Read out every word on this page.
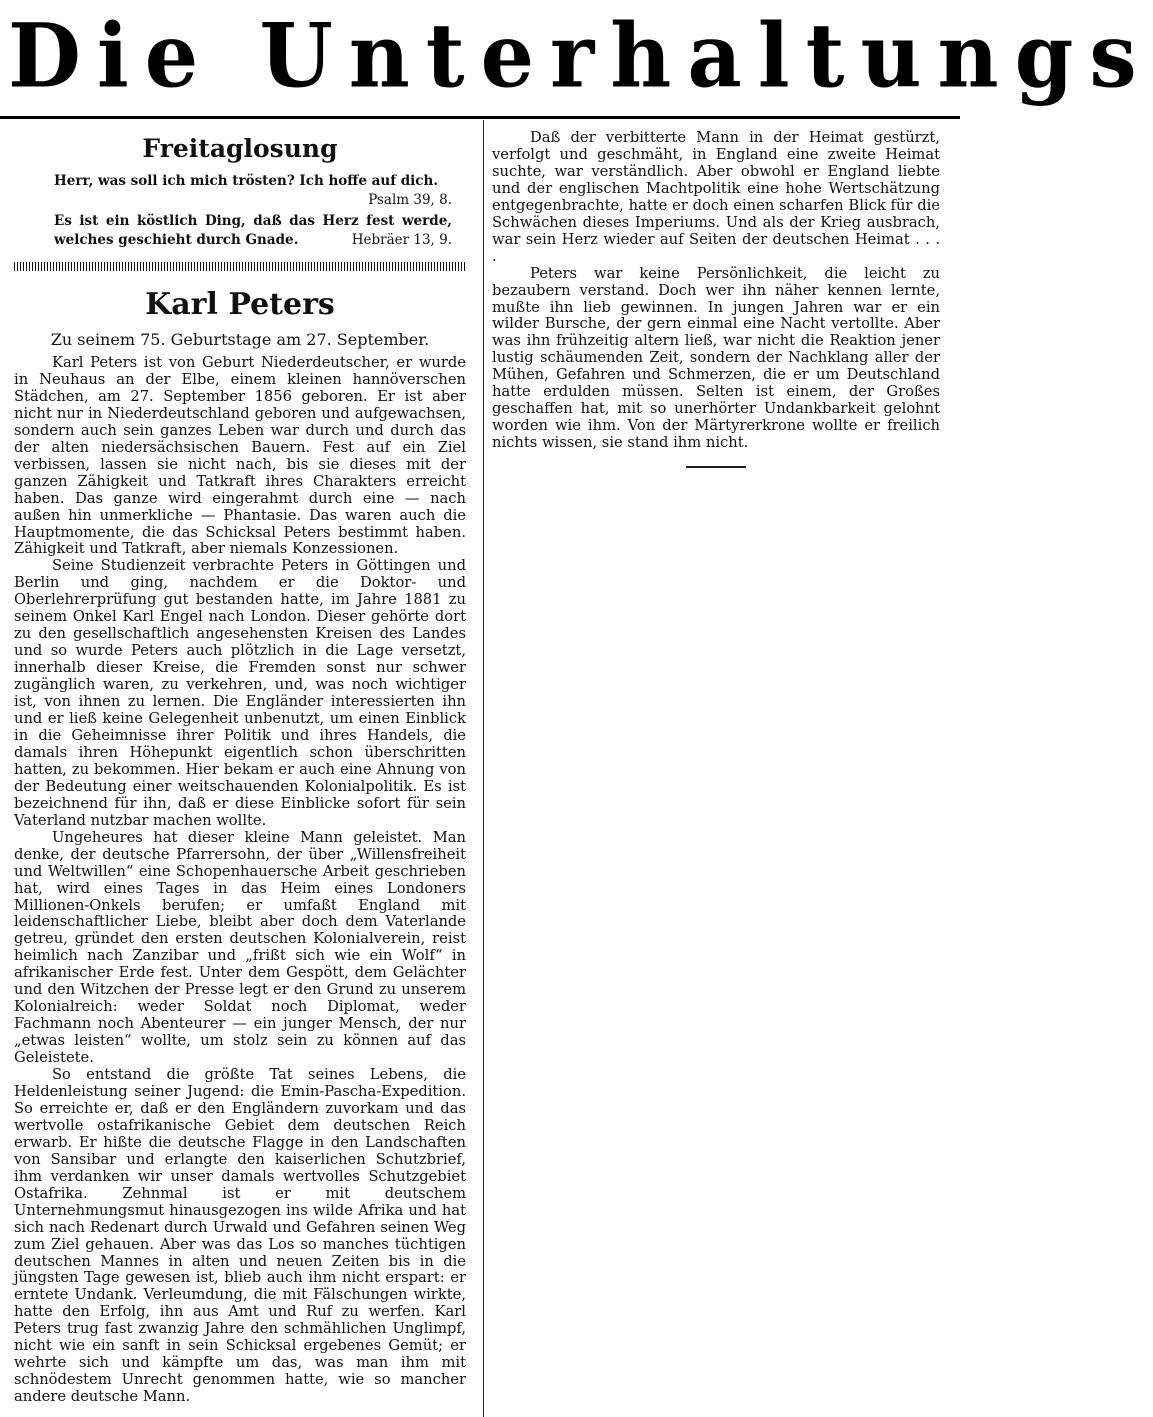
Die Unterhaltungs
Freitaglosung
Herr, was soll ich mich trösten? Ich hoffe auf dich.
Psalm 39, 8.
Es ist ein köstlich Ding, daß das Herz fest werde, welches geschieht durch Gnade.	Hebräer 13, 9.
Karl Peters
Zu seinem 75. Geburtstage am 27. September.

Karl Peters ist von Geburt Niederdeutscher, er wurde in Neuhaus an der Elbe, einem kleinen hannöverschen Städchen, am 27. September 1856 geboren. Er ist aber nicht nur in Niederdeutschland geboren und aufgewachsen, sondern auch sein ganzes Leben war durch und durch das der alten niedersächsischen Bauern. Fest auf ein Ziel verbissen, lassen sie nicht nach, bis sie dieses mit der ganzen Zähigkeit und Tatkraft ihres Charakters erreicht haben. Das ganze wird eingerahmt durch eine — nach außen hin unmerkliche — Phantasie. Das waren auch die Hauptmomente, die das Schicksal Peters bestimmt haben. Zähigkeit und Tatkraft, aber niemals Konzessionen.

Seine Studienzeit verbrachte Peters in Göttingen und Berlin und ging, nachdem er die Doktor- und Oberlehrerprüfung gut bestanden hatte, im Jahre 1881 zu seinem Onkel Karl Engel nach London. Dieser gehörte dort zu den gesellschaftlich angesehensten Kreisen des Landes und so wurde Peters auch plötzlich in die Lage versetzt, innerhalb dieser Kreise, die Fremden sonst nur schwer zugänglich waren, zu verkehren, und, was noch wichtiger ist, von ihnen zu lernen. Die Engländer interessierten ihn und er ließ keine Gelegenheit unbenutzt, um einen Einblick in die Geheimnisse ihrer Politik und ihres Handels, die damals ihren Höhepunkt eigentlich schon überschritten hatten, zu bekommen. Hier bekam er auch eine Ahnung von der Bedeutung einer weitschauenden Kolonialpolitik. Es ist bezeichnend für ihn, daß er diese Einblicke sofort für sein Vaterland nutzbar machen wollte.

Ungeheures hat dieser kleine Mann geleistet. Man denke, der deutsche Pfarrersohn, der über „Willensfreiheit und Weltwillen“ eine Schopenhauersche Arbeit geschrieben hat, wird eines Tages in das Heim eines Londoners Millionen-Onkels berufen; er umfaßt England mit leidenschaftlicher Liebe, bleibt aber doch dem Vaterlande getreu, gründet den ersten deutschen Kolonialverein, reist heimlich nach Zanzibar und „frißt sich wie ein Wolf“ in afrikanischer Erde fest. Unter dem Gespött, dem Gelächter und den Witzchen der Presse legt er den Grund zu unserem Kolonialreich: weder Soldat noch Diplomat, weder Fachmann noch Abenteurer — ein junger Mensch, der nur „etwas leisten“ wollte, um stolz sein zu können auf das Geleistete.

So entstand die größte Tat seines Lebens, die Heldenleistung seiner Jugend: die Emin-Pascha-Expedition. So erreichte er, daß er den Engländern zuvorkam und das wertvolle ostafrikanische Gebiet dem deutschen Reich erwarb. Er hißte die deutsche Flagge in den Landschaften von Sansibar und erlangte den kaiserlichen Schutzbrief, ihm verdanken wir unser damals wertvolles Schutzgebiet Ostafrika. Zehnmal ist er mit deutschem Unternehmungsmut hinausgezogen ins wilde Afrika und hat sich nach Redenart durch Urwald und Gefahren seinen Weg zum Ziel gehauen. Aber was das Los so manches tüchtigen deutschen Mannes in alten und neuen Zeiten bis in die jüngsten Tage gewesen ist, blieb auch ihm nicht erspart: er erntete Undank. Verleumdung, die mit Fälschungen wirkte, hatte den Erfolg, ihn aus Amt und Ruf zu werfen. Karl Peters trug fast zwanzig Jahre den schmählichen Unglimpf, nicht wie ein sanft in sein Schicksal ergebenes Gemüt; er wehrte sich und kämpfte um das, was man ihm mit schnödestem Unrecht genommen hatte, wie so mancher andere deutsche Mann.

Daß der verbitterte Mann in der Heimat gestürzt, verfolgt und geschmäht, in England eine zweite Heimat suchte, war verständlich. Aber obwohl er England liebte und der englischen Machtpolitik eine hohe Wertschätzung entgegenbrachte, hatte er doch einen scharfen Blick für die Schwächen dieses Imperiums. Und als der Krieg ausbrach, war sein Herz wieder auf Seiten der deutschen Heimat . . . .

Peters war keine Persönlichkeit, die leicht zu bezaubern verstand. Doch wer ihn näher kennen lernte, mußte ihn lieb gewinnen. In jungen Jahren war er ein wilder Bursche, der gern einmal eine Nacht vertollte. Aber was ihn frühzeitig altern ließ, war nicht die Reaktion jener lustig schäumenden Zeit, sondern der Nachklang aller der Mühen, Gefahren und Schmerzen, die er um Deutschland hatte erdulden müssen. Selten ist einem, der Großes geschaffen hat, mit so unerhörter Undankbarkeit gelohnt worden wie ihm. Von der Märtyrerkrone wollte er freilich nichts wissen, sie stand ihm nicht.
